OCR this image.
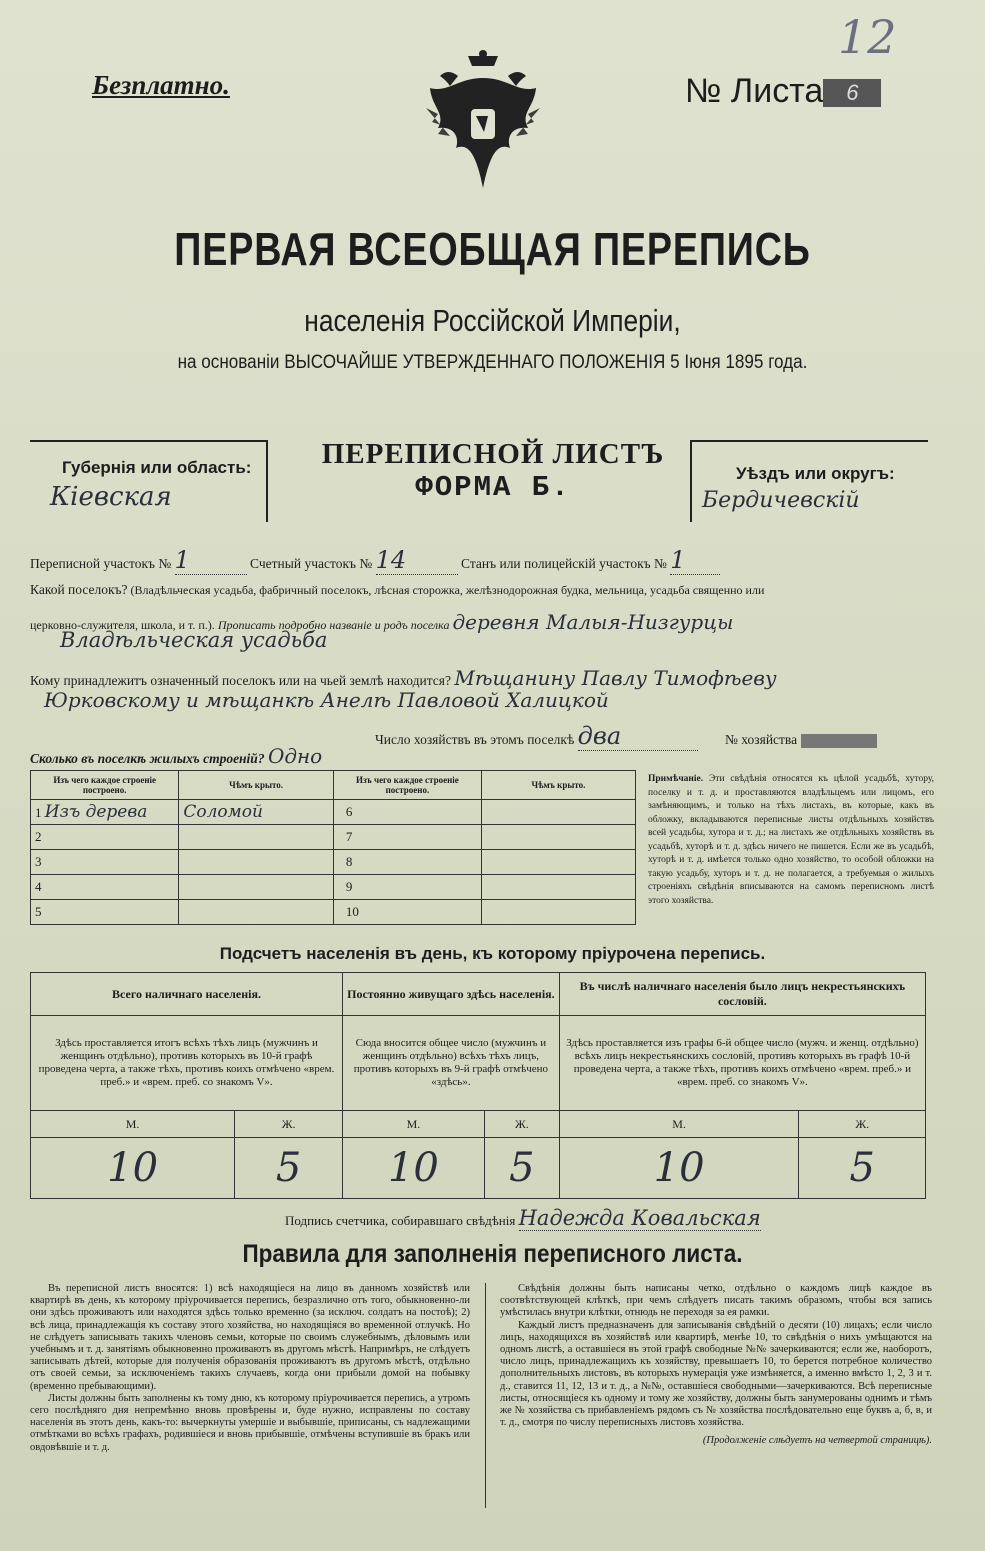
Безплатно.
12
№ Листа 6
ПЕРВАЯ ВСЕОБЩАЯ ПЕРЕПИСЬ
населенія Россійской Имперіи,
на основаніи ВЫСОЧАЙШЕ УТВЕРЖДЕННАГО ПОЛОЖЕНІЯ 5 Іюня 1895 года.
Губернія или область:
Кіевская
ПЕРЕПИСНОЙ ЛИСТЪ
ФОРМА Б.	Уѣздъ или округъ:
Бердичевскій
Переписной участокъ № 1	Счетный участокъ № 14	Станъ или полицейскій участокъ № 1
Какой поселокъ? (Владѣльческая усадьба, фабричный поселокъ, лѣсная сторожка, желѣзнодорожная будка, мельница, усадьба священно или
церковно-служителя, школа, и т. п.). Прописать подробно названіе и родъ поселка деревня Малыя-Низгурцы
Владѣльческая усадьба
Кому принадлежитъ означенный поселокъ или на чьей землѣ находится? Мѣщанину Павлу Тимофѣеву
Юрковскому и мѣщанкѣ Анелѣ Павловой Халицкой
Число хозяйствъ въ этомъ поселкѣ два	№ хозяйства
Сколько въ поселкѣ жилыхъ строеній? Одно
Изъ чего каждое строеніе построено.	Чѣмъ крыто.	Изъ чего каждое строеніе построено.	Чѣмъ крыто.
1 Изъ дерева	Соломой	6	
2		7	
3		8	
4		9	
5		10	
Примѣчаніе. Эти свѣдѣнія относятся къ цѣлой усадьбѣ, хутору, поселку и т. д. и проставляются владѣльцемъ или лицомъ, его замѣняющимъ, и только на тѣхъ листахъ, въ которые, какъ въ обложку, вкладываются переписные листы отдѣльныхъ хозяйствъ всей усадьбы, хутора и т. д.; на листахъ же отдѣльныхъ хозяйствъ въ усадьбѣ, хуторѣ и т. д. здѣсь ничего не пишется. Если же въ усадьбѣ, хуторѣ и т. д. имѣется только одно хозяйство, то особой обложки на такую усадьбу, хуторъ и т. д. не полагается, а требуемыя о жилыхъ строеніяхъ свѣдѣнія вписываются на самомъ переписномъ листѣ этого хозяйства.
Подсчетъ населенія въ день, къ которому пріурочена перепись.
Всего наличнаго населенія.		Постоянно живущаго здѣсь населенія.		Въ числѣ наличнаго населенія было лицъ некрестьянскихъ сословій.	
Здѣсь проставляется итогъ всѣхъ тѣхъ лицъ (мужчинъ и женщинъ отдѣльно), противъ которыхъ въ 10-й графѣ проведена черта, а также тѣхъ, противъ коихъ отмѣчено «врем. преб.» и «врем. преб. со знакомъ V».		Сюда вносится общее число (мужчинъ и женщинъ отдѣльно) всѣхъ тѣхъ лицъ, противъ которыхъ въ 9-й графѣ отмѣчено «здѣсь».		Здѣсь проставляется изъ графы 6-й общее число (мужч. и женщ. отдѣльно) всѣхъ лицъ некрестьянскихъ сословій, противъ которыхъ въ графѣ 10-й проведена черта, а также тѣхъ, противъ коихъ отмѣчено «врем. преб.» и «врем. преб. со знакомъ V».	
М.	Ж.	М.	Ж.	М.	Ж.
10	5	10	5	10	5
Подпись счетчика, собиравшаго свѣдѣнія Надежда Ковальская
Правила для заполненія переписного листа.

Въ переписной листъ вносятся: 1) всѣ находящіеся на лицо въ данномъ хозяйствѣ или квартирѣ въ день, къ которому пріурочивается перепись, безразлично отъ того, обыкновенно-ли они здѣсь проживаютъ или находятся здѣсь только временно (за исключ. солдатъ на постоѣ); 2) всѣ лица, принадлежащія къ составу этого хозяйства, но находящіяся во временной отлучкѣ. Но не слѣдуетъ записывать такихъ членовъ семьи, которые по своимъ служебнымъ, дѣловымъ или учебнымъ и т. д. занятіямъ обыкновенно проживаютъ въ другомъ мѣстѣ. Напримѣръ, не слѣдуетъ записывать дѣтей, которые для полученія образованія проживаютъ въ другомъ мѣстѣ, отдѣльно отъ своей семьи, за исключеніемъ такихъ случаевъ, когда они прибыли домой на побывку (временно пребывающими).

Листы должны быть заполнены къ тому дню, къ которому пріурочивается перепись, а утромъ сего послѣдняго дня непремѣнно вновь провѣрены и, буде нужно, исправлены по составу населенія въ этотъ день, какъ-то: вычеркнуты умершіе и выбывшіе, приписаны, съ надлежащими отмѣтками во всѣхъ графахъ, родившіеся и вновь прибывшіе, отмѣчены вступившіе въ бракъ или овдовѣвшіе и т. д.

Свѣдѣнія должны быть написаны четко, отдѣльно о каждомъ лицѣ каждое въ соотвѣтствующей клѣткѣ, при чемъ слѣдуетъ писать такимъ образомъ, чтобы вся запись умѣстилась внутри клѣтки, отнюдь не переходя за ея рамки.

Каждый листъ предназначенъ для записыванія свѣдѣній о десяти (10) лицахъ; если число лицъ, находящихся въ хозяйствѣ или квартирѣ, менѣе 10, то свѣдѣнія о нихъ умѣщаются на одномъ листѣ, а оставшіеся въ этой графѣ свободные №№ зачеркиваются; если же, наоборотъ, число лицъ, принадлежащихъ къ хозяйству, превышаетъ 10, то берется потребное количество дополнительныхъ листовъ, въ которыхъ нумерація уже измѣняется, а именно вмѣсто 1, 2, 3 и т. д., ставится 11, 12, 13 и т. д., а №№, оставшіеся свободными—зачеркиваются. Всѣ переписные листы, относящіеся къ одному и тому же хозяйству, должны быть занумерованы однимъ и тѣмъ же № хозяйства съ прибавленіемъ рядомъ съ № хозяйства послѣдовательно еще буквъ а, б, в, и т. д., смотря по числу переписныхъ листовъ хозяйства.

(Продолженіе слѣдуетъ на четвертой страницѣ).
